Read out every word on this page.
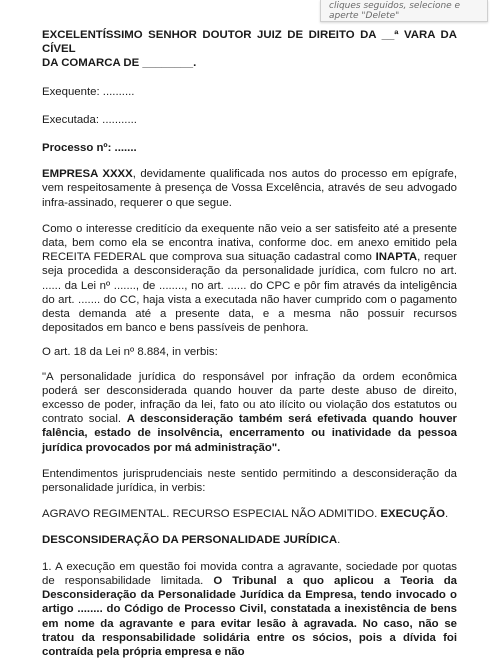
cliques seguidos, selecione e
aperte "Delete"

EXCELENTÍSSIMO SENHOR DOUTOR JUIZ DE DIREITO DA __ª VARA DA CÍVEL
DA COMARCA DE ________.

Exequente: ..........

Executada: ...........

Processo nº: .......

EMPRESA XXXX, devidamente qualificada nos autos do processo em epígrafe, vem respeitosamente à presença de Vossa Excelência, através de seu advogado infra-assinado, requerer o que segue.

Como o interesse creditício da exequente não veio a ser satisfeito até a presente data, bem como ela se encontra inativa, conforme doc. em anexo emitido pela RECEITA FEDERAL que comprova sua situação cadastral como INAPTA, requer seja procedida a desconsideração da personalidade jurídica, com fulcro no art. ...... da Lei nº ......., de ........, no art. ...... do CPC e pôr fim através da inteligência do art. ....... do CC, haja vista a executada não haver cumprido com o pagamento desta demanda até a presente data, e a mesma não possuir recursos depositados em banco e bens passíveis de penhora.

O art. 18 da Lei nº 8.884, in verbis:

"A personalidade jurídica do responsável por infração da ordem econômica poderá ser desconsiderada quando houver da parte deste abuso de direito, excesso de poder, infração da lei, fato ou ato ilícito ou violação dos estatutos ou contrato social. A desconsideração também será efetivada quando houver falência, estado de insolvência, encerramento ou inatividade da pessoa jurídica provocados por má administração".

Entendimentos jurisprudenciais neste sentido permitindo a desconsideração da personalidade jurídica, in verbis:

AGRAVO REGIMENTAL. RECURSO ESPECIAL NÃO ADMITIDO. EXECUÇÃO.

DESCONSIDERAÇÃO DA PERSONALIDADE JURÍDICA.

1. A execução em questão foi movida contra a agravante, sociedade por quotas de responsabilidade limitada. O Tribunal a quo aplicou a Teoria da Desconsideração da Personalidade Jurídica da Empresa, tendo invocado o artigo ........ do Código de Processo Civil, constatada a inexistência de bens em nome da agravante e para evitar lesão à agravada. No caso, não se tratou da responsabilidade solidária entre os sócios, pois a dívida foi contraída pela própria empresa e não
